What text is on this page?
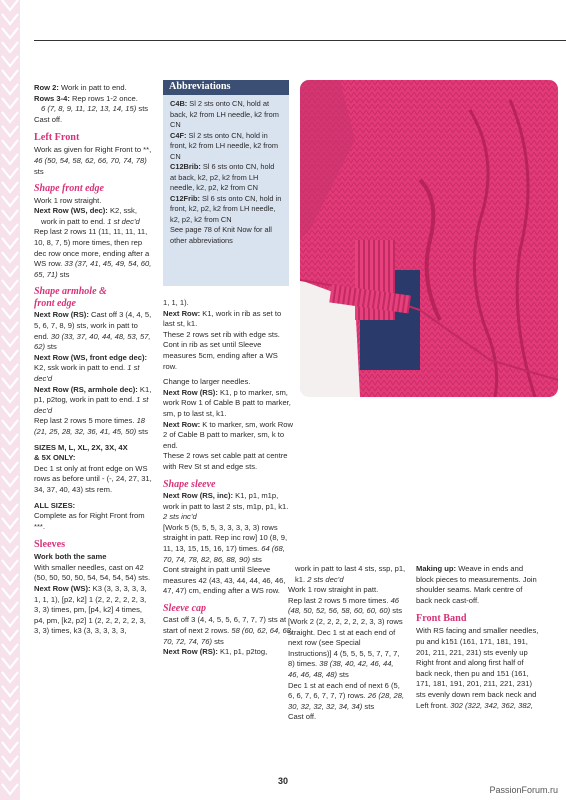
Row 2: Work in patt to end.

Rows 3-4: Rep rows 1-2 once.

6 (7, 8, 9, 11, 12, 13, 14, 15) sts

Cast off.

Left Front

Work as given for Right Front to **, 46 (50, 54, 58, 62, 66, 70, 74, 78) sts

Shape front edge

Work 1 row straight.

Next Row (WS, dec): K2, ssk,

work in patt to end. 1 st dec’d

Rep last 2 rows 11 (11, 11, 11, 11, 10, 8, 7, 5) more times, then rep dec row once more, ending after a WS row. 33 (37, 41, 45, 49, 54, 60, 65, 71) sts

Shape armhole &
front edge

Next Row (RS): Cast off 3 (4, 4, 5, 5, 6, 7, 8, 9) sts, work in patt to end. 30 (33, 37, 40, 44, 48, 53, 57, 62) sts

Next Row (WS, front edge dec): K2, ssk work in patt to end. 1 st dec’d

Next Row (RS, armhole dec): K1, p1, p2tog, work in patt to end. 1 st dec’d

Rep last 2 rows 5 more times. 18 (21, 25, 28, 32, 36, 41, 45, 50) sts

SIZES M, L, XL, 2X, 3X, 4X
& 5X ONLY:

Dec 1 st only at front edge on WS rows as before until - (-, 24, 27, 31, 34, 37, 40, 43) sts rem.

ALL SIZES:

Complete as for Right Front from ***.

Sleeves

Work both the same

With smaller needles, cast on 42 (50, 50, 50, 50, 54, 54, 54, 54) sts.

Next Row (WS): K3 (3, 3, 3, 3, 3, 1, 1, 1), [p2, k2] 1 (2, 2, 2, 2, 2, 3, 3, 3) times, pm, [p4, k2] 4 times, p4, pm, [k2, p2] 1 (2, 2, 2, 2, 2, 3, 3, 3) times, k3 (3, 3, 3, 3, 3,

Abbreviations

C4B: Sl 2 sts onto CN, hold at back, k2 from LH needle, k2 from CN

C4F: Sl 2 sts onto CN, hold in front, k2 from LH needle, k2 from CN

C12Brib: Sl 6 sts onto CN, hold at back, k2, p2, k2 from LH needle, k2, p2, k2 from CN

C12Frib: Sl 6 sts onto CN, hold in front, k2, p2, k2 from LH needle, k2, p2, k2 from CN

See page 78 of Knit Now for all other abbreviations

1, 1, 1).

Next Row: K1, work in rib as set to last st, k1.

These 2 rows set rib with edge sts.

Cont in rib as set until Sleeve measures 5cm, ending after a WS row.

Change to larger needles.

Next Row (RS): K1, p to marker, sm, work Row 1 of Cable B patt to marker, sm, p to last st, k1.

Next Row: K to marker, sm, work Row 2 of Cable B patt to marker, sm, k to end.

These 2 rows set cable patt at centre with Rev St st and edge sts.

Shape sleeve

Next Row (RS, inc): K1, p1, m1p, work in patt to last 2 sts, m1p, p1, k1. 2 sts inc’d

[Work 5 (5, 5, 5, 3, 3, 3, 3, 3) rows straight in patt. Rep inc row] 10 (8, 9, 11, 13, 15, 15, 16, 17) times. 64 (68, 70, 74, 78, 82, 86, 88, 90) sts

Cont straight in patt until Sleeve measures 42 (43, 43, 44, 44, 46, 46, 47, 47) cm, ending after a WS row.

Sleeve cap

Cast off 3 (4, 4, 5, 5, 6, 7, 7, 7) sts at start of next 2 rows. 58 (60, 62, 64, 68, 70, 72, 74, 76) sts

Next Row (RS): K1, p1, p2tog,

work in patt to last 4 sts, ssp, p1, k1. 2 sts dec’d

Work 1 row straight in patt.

Rep last 2 rows 5 more times. 46 (48, 50, 52, 56, 58, 60, 60, 60) sts

[Work 2 (2, 2, 2, 2, 2, 2, 3, 3) rows straight. Dec 1 st at each end of next row (see Special Instructions)] 4 (5, 5, 5, 5, 7, 7, 7, 8) times. 38 (38, 40, 42, 46, 44, 46, 46, 48, 48) sts

Dec 1 st at each end of next 6 (5, 6, 6, 7, 6, 7, 7, 7) rows. 26 (28, 28, 30, 32, 32, 32, 34, 34) sts

Cast off.

Making up: Weave in ends and block pieces to measurements. Join shoulder seams. Mark centre of back neck cast-off.

Front Band

With RS facing and smaller needles, pu and k151 (161, 171, 181, 191, 201, 211, 221, 231) sts evenly up Right front and along first half of back neck, then pu and 151 (161, 171, 181, 191, 201, 211, 221, 231) sts evenly down rem back neck and Left front. 302 (322, 342, 362, 382,

30
PassionForum.ru
